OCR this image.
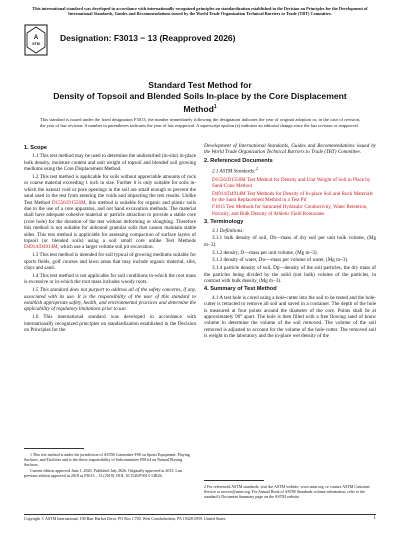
This international standard was developed in accordance with internationally recognized principles on standardization established in the Decision on Principles for the Development of International Standards, Guides and Recommendations issued by the World Trade Organization Technical Barriers to Trade (TBT) Committee.
A
STM
Designation: F3013 − 13 (Reapproved 2026)
Standard Test Method for
Density of Topsoil and Blended Soils In-place by the Core Displacement Method$^1$
This standard is issued under the fixed designation F3013; the number immediately following the designation indicates the year of original adoption or, in the case of revision, the year of last revision. A number in parentheses indicates the year of last reapproval. A superscript epsilon (ε) indicates an editorial change since the last revision or reapproval.
1. Scope

1.1 This test method may be used to determine the undisturbed (in-situ) in-place bulk density, moisture content and unit weight of topsoil and blended soil growing mediums using the Core Displacement Method.

1.2 This test method is applicable for soils without appreciable amounts of rock or coarse material exceeding 1 inch in size. Further it is only suitable for soils in-which the natural void or pore openings in the soil are small enough to prevent the sand used in the test from entering the voids and impacting the test results. Unlike Test Method D1556/D1556M, this method is suitable for organic and plastic soils due to the use of a core apparatus, and not hand excavation methods. The material shall have adequate cohesive material or particle attraction to provide a stable core (core hole) for the duration of the test without deforming or sloughing. Therefore this method is not suitable for unbound granular soils that cannot maintain stable sides. This test method is applicable for assessing compaction of surface layers of topsoil (or blended soils) using a soil small core unlike Test Methods D4914/D4914M, which use a larger volume soil pit excavation.

1.3 This test method is intended for soil typical of growing mediums suitable for sports fields, golf courses and lawn areas that may include organic material, silts, clays and sand.

1.4 This test method is not applicable for soil conditions in-which the root mass is excessive or in-which the root mass includes woody roots.

1.5 This standard does not purport to address all of the safety concerns, if any, associated with its use. It is the responsibility of the user of this standard to establish appropriate safety, health, and environmental practices and determine the applicability of regulatory limitations prior to use.

1.6 This international standard was developed in accordance with internationally recognized principles on standardization established in the Decision on Principles for the

Development of International Standards, Guides and Recommendations issued by the World Trade Organization Technical Barriers to Trade (TBT) Committee.

2. Referenced Documents

2.1 ASTM Standards:$^2$

D1556/D1556M Test Method for Density and Unit Weight of Soil in Place by Sand-Cone Method

D4914/D4914M Test Methods for Density of In-place Soil and Rock Materials by the Sand Replacement Method in a Test Pit

F1815 Test Methods for Saturated Hydraulic Conductivity, Water Retention, Porosity, and Bulk Density of Athletic Field Rootzones

3. Terminology

3.1 Definitions:

3.1.1 bulk density of soil, Db—mass of dry soil per unit bulk volume, (Mg m−3).

3.1.2 density, D—mass per unit volume, (Mg m−3).

3.1.3 density of water, Dw—mass per volume of water, (Mg m−3).

3.1.4 particle density of soil, Dp—density of the soil particles, the dry mass of the particles being divided by the solid (not bulk) volume of the particles, in contrast with bulk density, (Mg m−3).

4. Summary of Test Method

4.1 A test hole is cored using a hole-cutter into the soil to be tested and the hole-cutter is retracted to remove all soil and saved in a container. The depth of the hole is measured at four points around the diameter of the core. Points shall be at approximately 90° apart. The hole is then filled with a free flowing sand of know volume to determine the volume of the soil removed. The volume of the soil removed is adjusted to account for the volume of the hole-cutter. The removed soil is weight in the laboratory and the in-place wet density of the

1 This test method is under the jurisdiction of ASTM Committee F08 on Sports Equipment, Playing Surfaces, and Facilities and is the direct responsibility of Subcommittee F08.64 on Natural Playing Surfaces.

Current edition approved June 1, 2026. Published July 2026. Originally approved in 2013. Last previous edition approved in 2018 as F3013 – 13 (2018). DOI: 10.1520/F3013-13R26.

2 For referenced ASTM standards, visit the ASTM website, www.astm.org, or contact ASTM Customer Service at service@astm.org. For Annual Book of ASTM Standards volume information, refer to the standard’s Document Summary page on the ASTM website.
Copyright © ASTM International, 100 Barr Harbor Drive, PO Box C700, West Conshohocken, PA 19428-2959. United States	1
